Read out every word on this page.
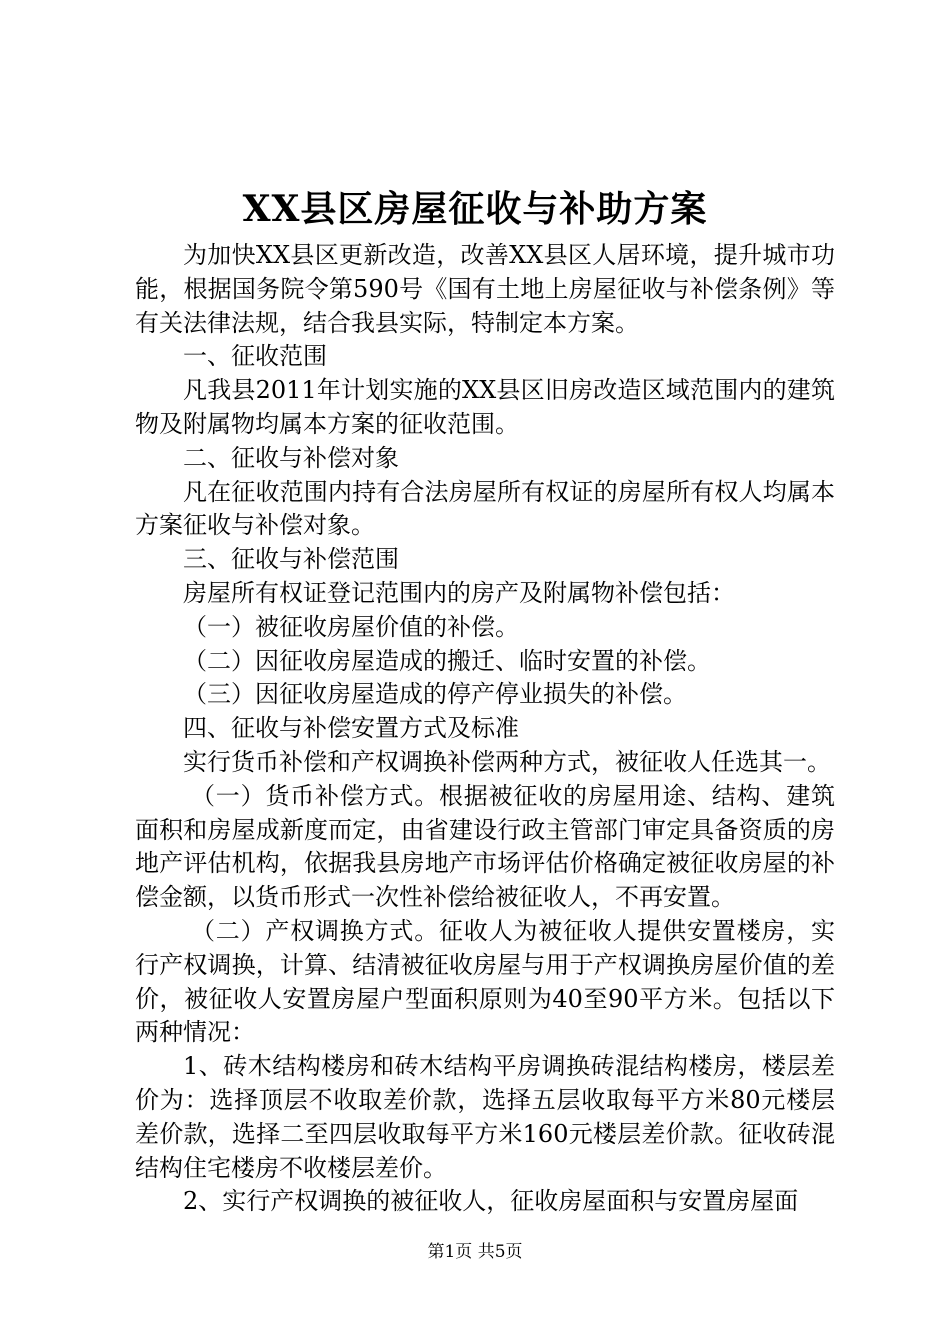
XX县区房屋征收与补助方案

为加快XX县区更新改造，改善XX县区人居环境，提升城市功能，根据国务院令第590号《国有土地上房屋征收与补偿条例》等有关法律法规，结合我县实际，特制定本方案。

一、征收范围

凡我县2011年计划实施的XX县区旧房改造区域范围内的建筑物及附属物均属本方案的征收范围。

二、征收与补偿对象

凡在征收范围内持有合法房屋所有权证的房屋所有权人均属本方案征收与补偿对象。

三、征收与补偿范围

房屋所有权证登记范围内的房产及附属物补偿包括：

（一）被征收房屋价值的补偿。

（二）因征收房屋造成的搬迁、临时安置的补偿。

（三）因征收房屋造成的停产停业损失的补偿。

四、征收与补偿安置方式及标准

实行货币补偿和产权调换补偿两种方式，被征收人任选其一。

（一）货币补偿方式。根据被征收的房屋用途、结构、建筑面积和房屋成新度而定，由省建设行政主管部门审定具备资质的房地产评估机构，依据我县房地产市场评估价格确定被征收房屋的补偿金额，以货币形式一次性补偿给被征收人，不再安置。

（二）产权调换方式。征收人为被征收人提供安置楼房，实行产权调换，计算、结清被征收房屋与用于产权调换房屋价值的差价，被征收人安置房屋户型面积原则为40至90平方米。包括以下两种情况：

1、砖木结构楼房和砖木结构平房调换砖混结构楼房，楼层差价为：选择顶层不收取差价款，选择五层收取每平方米80元楼层差价款，选择二至四层收取每平方米160元楼层差价款。征收砖混结构住宅楼房不收楼层差价。

2、实行产权调换的被征收人，征收房屋面积与安置房屋面

第1页 共5页
